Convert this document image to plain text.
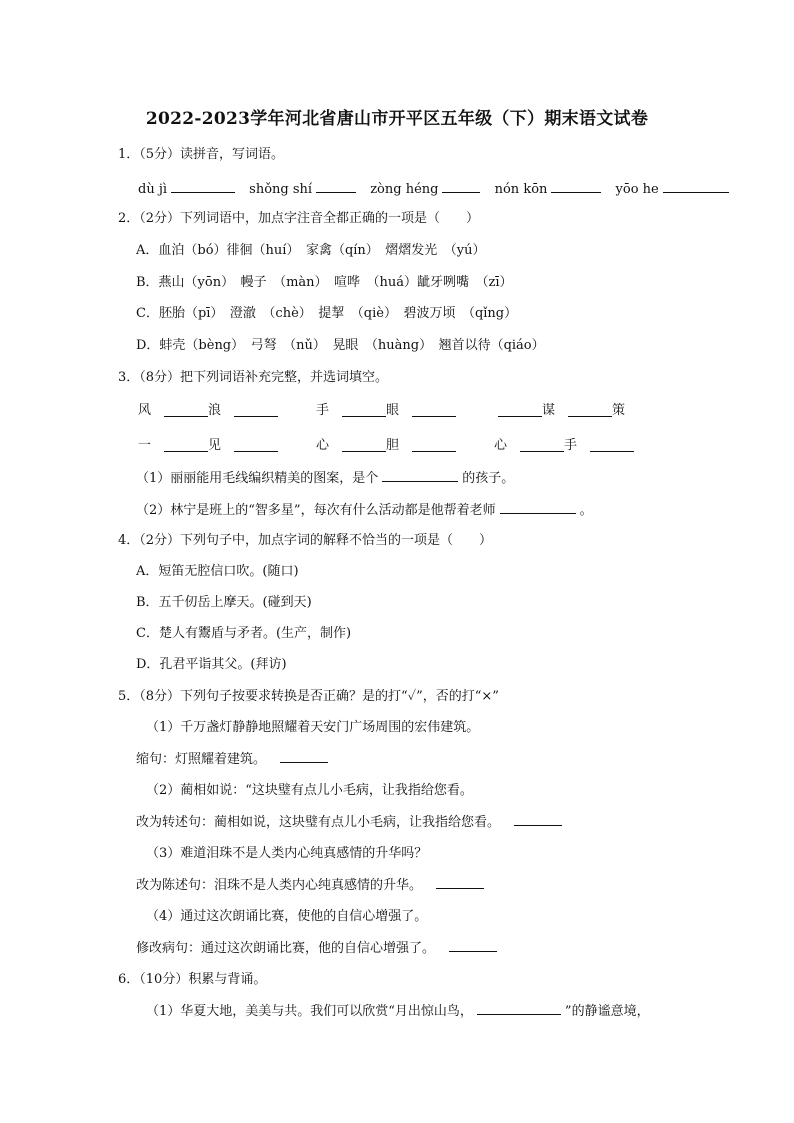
2022-2023学年河北省唐山市开平区五年级（下）期末语文试卷
1．（5分）读拼音，写词语。
dù jì	shǒng shí	zòng héng	nón kōn	yōo he
2．（2分）下列词语中，加点字注音全都正确的一项是（　　）
A．血泊（bó）徘徊（huí）　家禽（qín）　熠熠发光　（yú）
B．燕山（yōn）　幔子　（màn）　喧哗　（huá）龇牙咧嘴　（zī）
C．胚胎（pī）　澄澈　（chè）　提挈　（qiè）　碧波万顷　（qǐng）
D．蚌壳（bèng）　弓弩　（nǔ）　晃眼　（huàng）　翘首以待（qiáo）
3．（8分）把下列词语补充完整，并选词填空。
风	浪	手	眼	谋	策
一	见	心	胆	心	手
（1）丽丽能用毛线编织精美的图案，是个	的孩子。
（2）林宁是班上的“智多星”，每次有什么活动都是他帮着老师	。
4．（2分）下列句子中，加点字词的解释不恰当的一项是（　　）
A．短笛无腔信口吹。(随口)
B．五千仞岳上摩天。(碰到天)
C．楚人有鬻盾与矛者。(生产，制作)
D．孔君平诣其父。(拜访)
5．（8分）下列句子按要求转换是否正确？是的打“✓”，否的打“×”
（1）千万盏灯静静地照耀着天安门广场周围的宏伟建筑。
缩句：灯照耀着建筑。
（2）蔺相如说：“这块璧有点儿小毛病，让我指给您看。
改为转述句：蔺相如说，这块璧有点儿小毛病，让我指给您看。
（3）难道泪珠不是人类内心纯真感情的升华吗？
改为陈述句：泪珠不是人类内心纯真感情的升华。
（4）通过这次朗诵比赛，使他的自信心增强了。
修改病句：通过这次朗诵比赛，他的自信心增强了。
6．（10分）积累与背诵。
（1）华夏大地，美美与共。我们可以欣赏“月出惊山鸟，	”的静谧意境，
